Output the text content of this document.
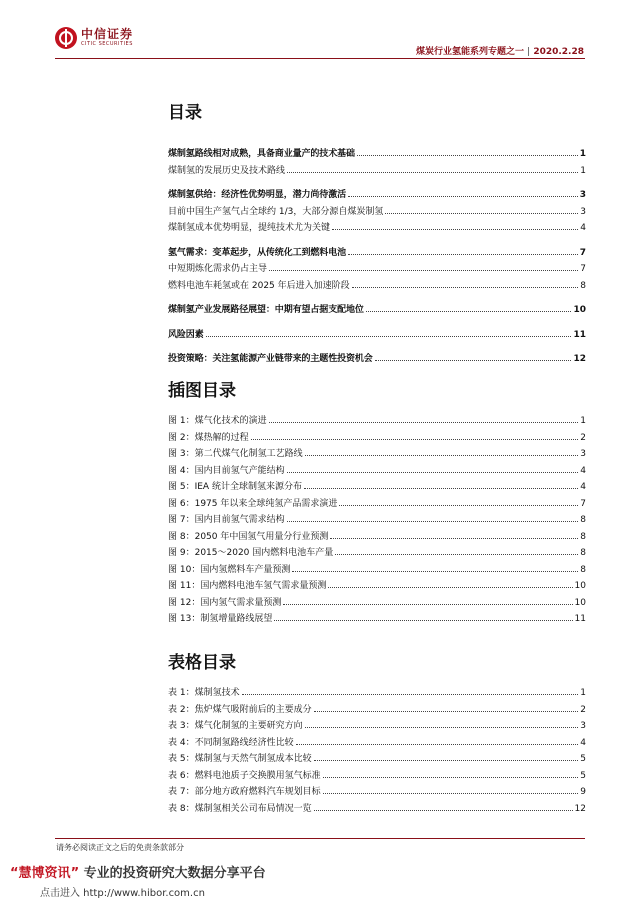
中信证券
CITIC SECURITIES
煤炭行业氢能系列专题之一 | 2020.2.28
目录
煤制氢路线相对成熟，具备商业量产的技术基础	1
煤制氢的发展历史及技术路线	1
煤制氢供给：经济性优势明显，潜力尚待激活	3
目前中国生产氢气占全球约 1/3，大部分源自煤炭制氢	3
煤制氢成本优势明显，提纯技术尤为关键	4
氢气需求：变革起步，从传统化工到燃料电池	7
中短期炼化需求仍占主导	7
燃料电池车耗氢或在 2025 年后进入加速阶段	8
煤制氢产业发展路径展望：中期有望占据支配地位	10
风险因素	11
投资策略：关注氢能源产业链带来的主题性投资机会	12
插图目录
图 1：煤气化技术的演进	1
图 2：煤热解的过程	2
图 3：第二代煤气化制氢工艺路线	3
图 4：国内目前氢气产能结构	4
图 5：IEA 统计全球制氢来源分布	4
图 6：1975 年以来全球纯氢产品需求演进	7
图 7：国内目前氢气需求结构	8
图 8：2050 年中国氢气用量分行业预测	8
图 9：2015～2020 国内燃料电池车产量	8
图 10：国内氢燃料车产量预测	8
图 11：国内燃料电池车氢气需求量预测	10
图 12：国内氢气需求量预测	10
图 13：制氢增量路线展望	11
表格目录
表 1：煤制氢技术	1
表 2：焦炉煤气吸附前后的主要成分	2
表 3：煤气化制氢的主要研究方向	3
表 4：不同制氢路线经济性比较	4
表 5：煤制氢与天然气制氢成本比较	5
表 6：燃料电池质子交换膜用氢气标准	5
表 7：部分地方政府燃料汽车规划目标	9
表 8：煤制氢相关公司布局情况一览	12
请务必阅读正文之后的免责条款部分
“慧博资讯” 专业的投资研究大数据分享平台
点击进入 http://www.hibor.com.cn
